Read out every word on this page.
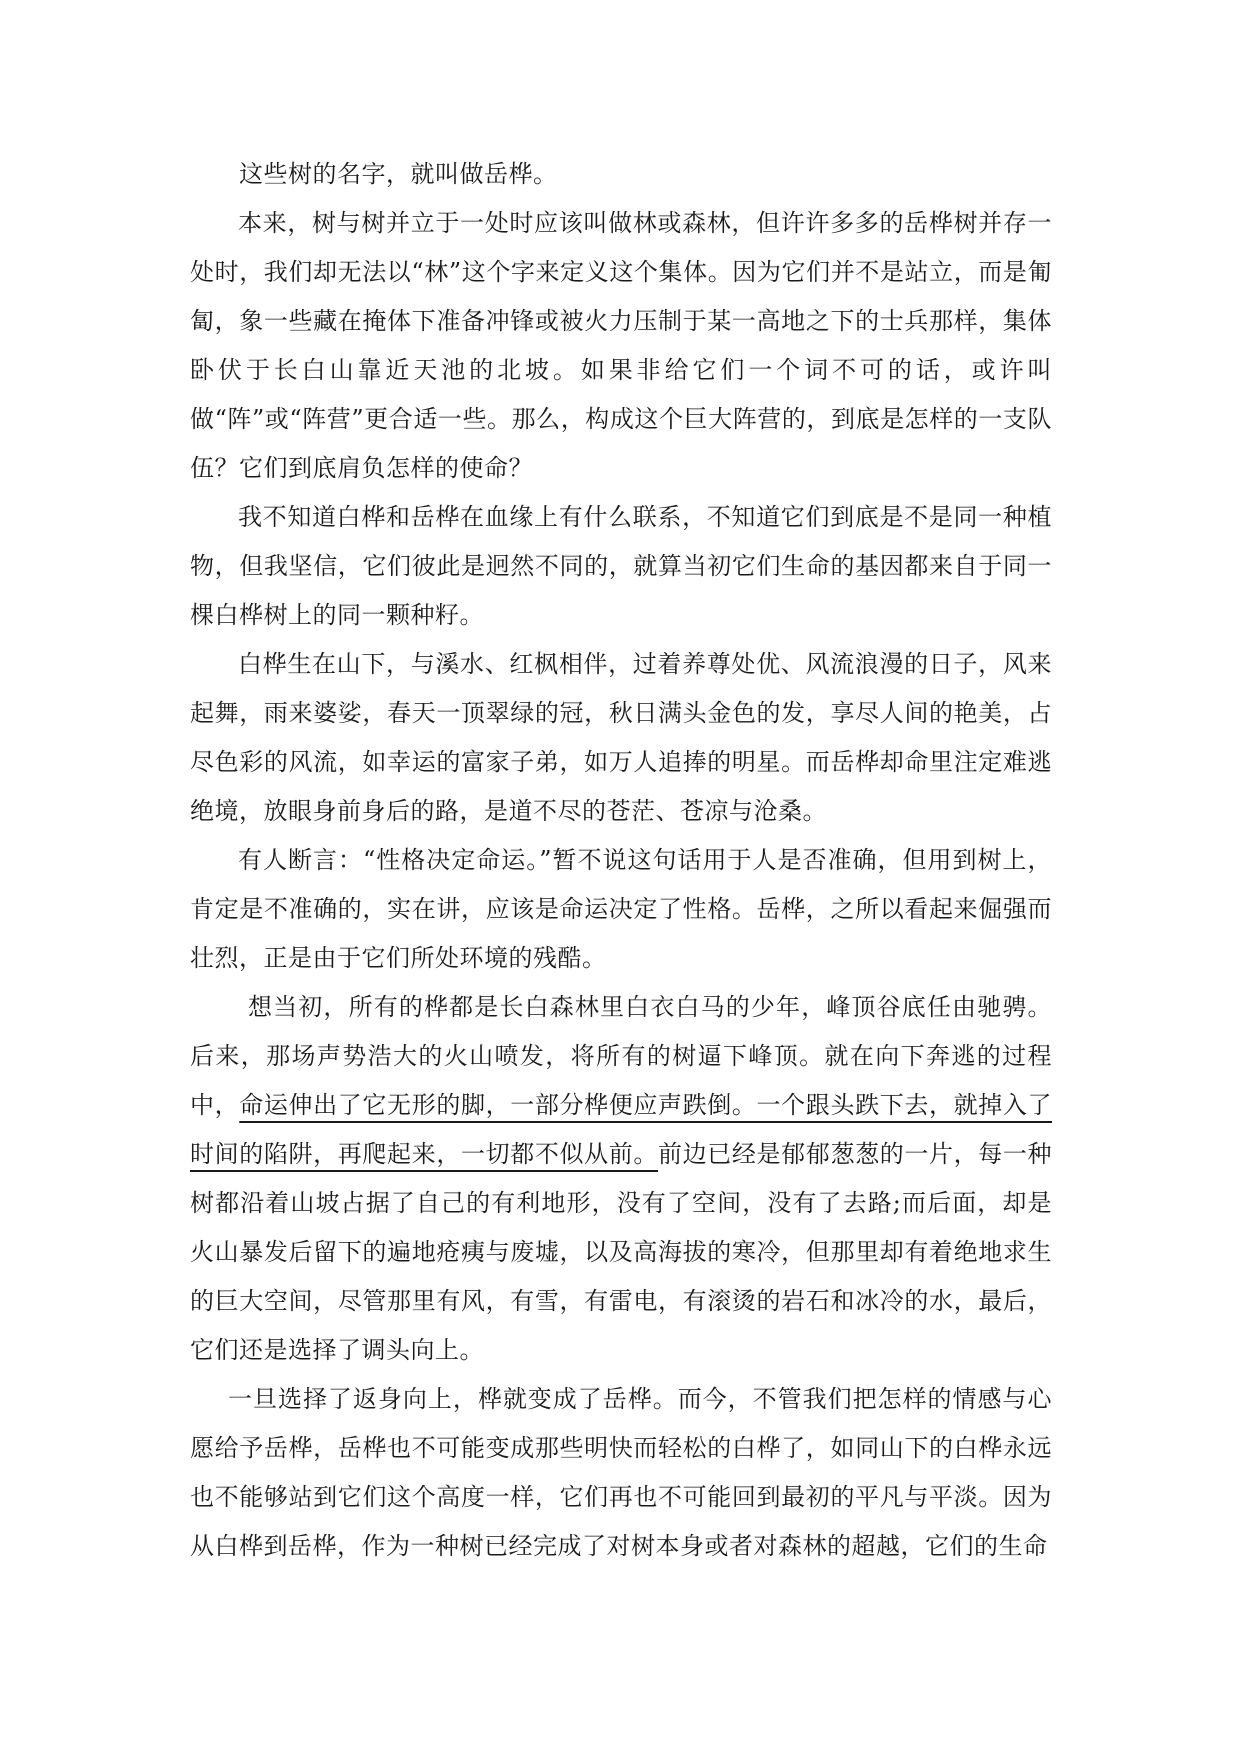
这些树的名字，就叫做岳桦。

本来，树与树并立于一处时应该叫做林或森林，但许许多多的岳桦树并存一处时，我们却无法以“林”这个字来定义这个集体。因为它们并不是站立，而是匍匐，象一些藏在掩体下准备冲锋或被火力压制于某一高地之下的士兵那样，集体卧伏于长白山靠近天池的北坡。如果非给它们一个词不可的话，或许叫做“阵”或“阵营”更合适一些。那么，构成这个巨大阵营的，到底是怎样的一支队伍？它们到底肩负怎样的使命？

我不知道白桦和岳桦在血缘上有什么联系，不知道它们到底是不是同一种植物，但我坚信，它们彼此是迥然不同的，就算当初它们生命的基因都来自于同一棵白桦树上的同一颗种籽。

白桦生在山下，与溪水、红枫相伴，过着养尊处优、风流浪漫的日子，风来起舞，雨来婆娑，春天一顶翠绿的冠，秋日满头金色的发，享尽人间的艳美，占尽色彩的风流，如幸运的富家子弟，如万人追捧的明星。而岳桦却命里注定难逃绝境，放眼身前身后的路，是道不尽的苍茫、苍凉与沧桑。

有人断言：“性格决定命运。”暂不说这句话用于人是否准确，但用到树上，肯定是不准确的，实在讲，应该是命运决定了性格。岳桦，之所以看起来倔强而壮烈，正是由于它们所处环境的残酷。

想当初，所有的桦都是长白森林里白衣白马的少年，峰顶谷底任由驰骋。后来，那场声势浩大的火山喷发，将所有的树逼下峰顶。就在向下奔逃的过程中，命运伸出了它无形的脚，一部分桦便应声跌倒。一个跟头跌下去，就掉入了时间的陷阱，再爬起来，一切都不似从前。前边已经是郁郁葱葱的一片，每一种树都沿着山坡占据了自己的有利地形，没有了空间，没有了去路;而后面，却是火山暴发后留下的遍地疮痍与废墟，以及高海拔的寒冷，但那里却有着绝地求生的巨大空间，尽管那里有风，有雪，有雷电，有滚烫的岩石和冰冷的水，最后，它们还是选择了调头向上。

一旦选择了返身向上，桦就变成了岳桦。而今，不管我们把怎样的情感与心愿给予岳桦，岳桦也不可能变成那些明快而轻松的白桦了，如同山下的白桦永远也不能够站到它们这个高度一样，它们再也不可能回到最初的平凡与平淡。因为从白桦到岳桦，作为一种树已经完成了对树本身或者对森林的超越，它们的生命
